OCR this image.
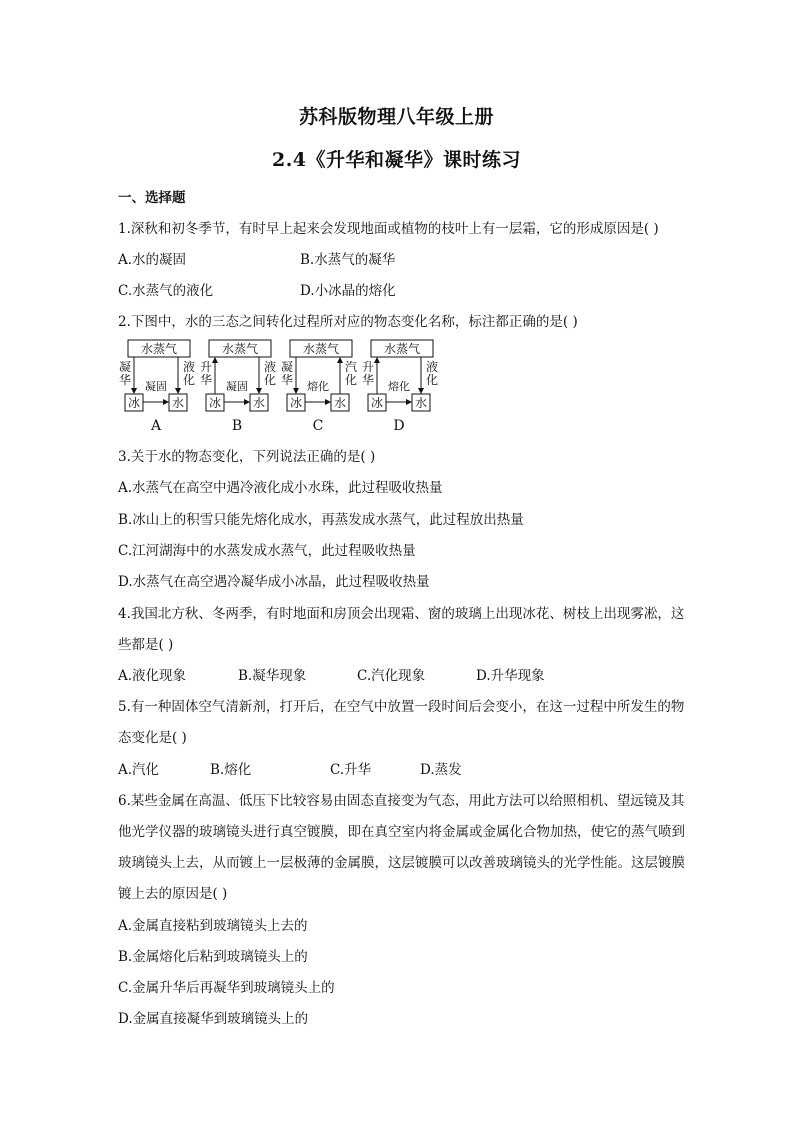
苏科版物理八年级上册
2.4《升华和凝华》课时练习
一、选择题
1.深秋和初冬季节，有时早上起来会发现地面或植物的枝叶上有一层霜，它的形成原因是( )
A.水的凝固	B.水蒸气的凝华
C.水蒸气的液化	D.小冰晶的熔化
2.下图中，水的三态之间转化过程所对应的物态变化名称，标注都正确的是( )
水蒸气
冰	水
凝华
液化
凝固
A
水蒸气
冰	水
升华
液化
凝固
B
水蒸气
冰	水
凝华
汽化
熔化
C
水蒸气
冰	水
升华
液化
熔化
D
3.关于水的物态变化，下列说法正确的是( )
A.水蒸气在高空中遇冷液化成小水珠，此过程吸收热量
B.冰山上的积雪只能先熔化成水，再蒸发成水蒸气，此过程放出热量
C.江河湖海中的水蒸发成水蒸气，此过程吸收热量
D.水蒸气在高空遇冷凝华成小冰晶，此过程吸收热量
4.我国北方秋、冬两季，有时地面和房顶会出现霜、窗的玻璃上出现冰花、树枝上出现雾凇，这
些都是( )
A.液化现象	B.凝华现象	C.汽化现象	D.升华现象
5.有一种固体空气清新剂，打开后，在空气中放置一段时间后会变小，在这一过程中所发生的物
态变化是( )
A.汽化	B.熔化	C.升华	D.蒸发
6.某些金属在高温、低压下比较容易由固态直接变为气态，用此方法可以给照相机、望远镜及其
他光学仪器的玻璃镜头进行真空镀膜，即在真空室内将金属或金属化合物加热，使它的蒸气喷到
玻璃镜头上去，从而镀上一层极薄的金属膜，这层镀膜可以改善玻璃镜头的光学性能。这层镀膜
镀上去的原因是( )
A.金属直接粘到玻璃镜头上去的
B.金属熔化后粘到玻璃镜头上的
C.金属升华后再凝华到玻璃镜头上的
D.金属直接凝华到玻璃镜头上的
